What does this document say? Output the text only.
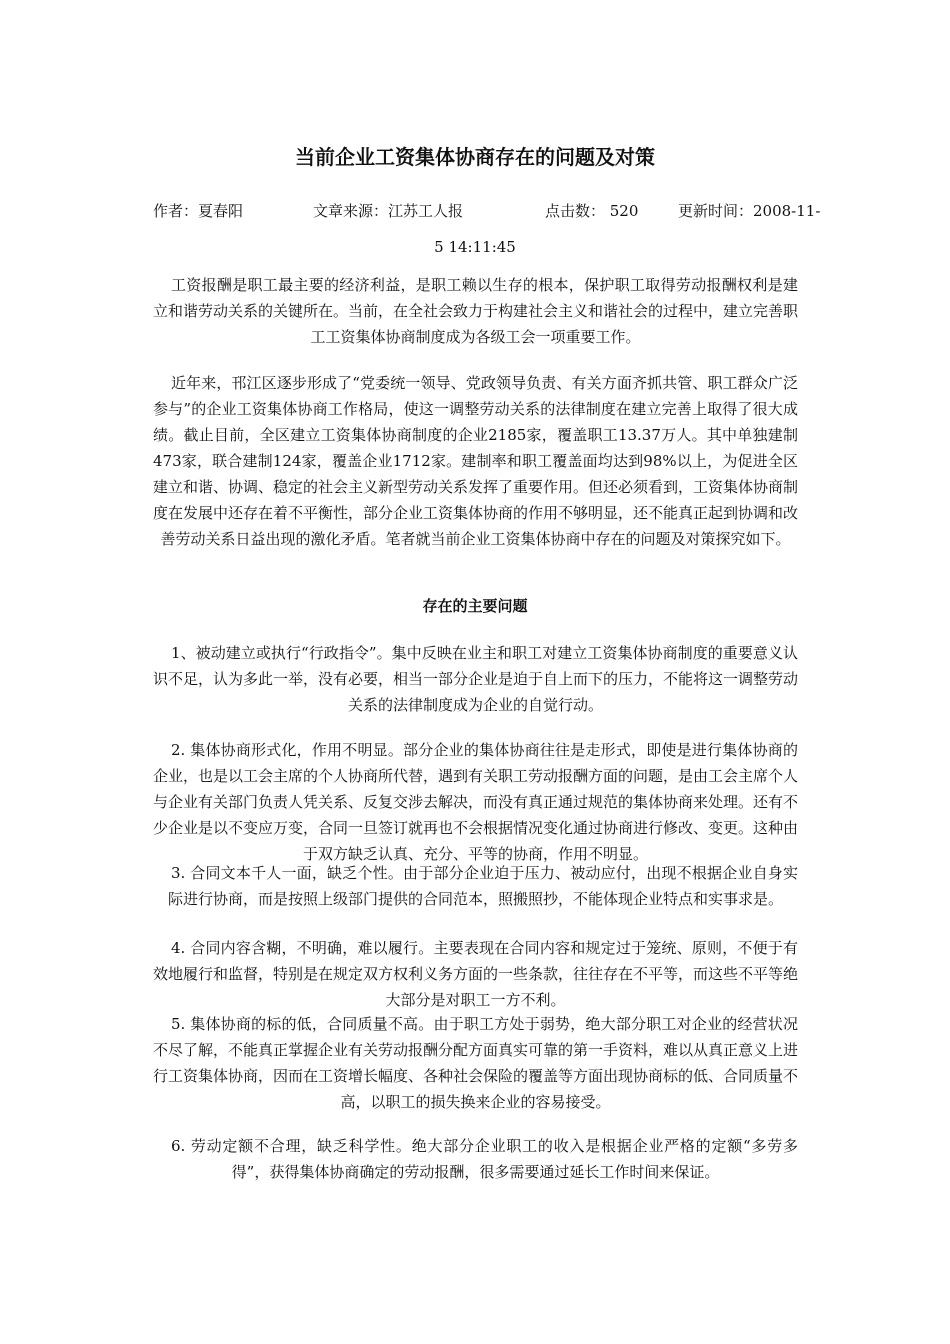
当前企业工资集体协商存在的问题及对策
作者：夏春阳	文章来源：江苏工人报	点击数： 520	更新时间：2008-11-
5 14:11:45

工资报酬是职工最主要的经济利益，是职工赖以生存的根本，保护职工取得劳动报酬权利是建立和谐劳动关系的关键所在。当前，在全社会致力于构建社会主义和谐社会的过程中，建立完善职工工资集体协商制度成为各级工会一项重要工作。

近年来，邗江区逐步形成了“党委统一领导、党政领导负责、有关方面齐抓共管、职工群众广泛参与”的企业工资集体协商工作格局，使这一调整劳动关系的法律制度在建立完善上取得了很大成绩。截止目前，全区建立工资集体协商制度的企业2185家，覆盖职工13.37万人。其中单独建制473家，联合建制124家，覆盖企业1712家。建制率和职工覆盖面均达到98%以上，为促进全区建立和谐、协调、稳定的社会主义新型劳动关系发挥了重要作用。但还必须看到，工资集体协商制度在发展中还存在着不平衡性，部分企业工资集体协商的作用不够明显，还不能真正起到协调和改善劳动关系日益出现的激化矛盾。笔者就当前企业工资集体协商中存在的问题及对策探究如下。

存在的主要问题

1、被动建立或执行“行政指令”。集中反映在业主和职工对建立工资集体协商制度的重要意义认识不足，认为多此一举，没有必要，相当一部分企业是迫于自上而下的压力，不能将这一调整劳动关系的法律制度成为企业的自觉行动。

2. 集体协商形式化，作用不明显。部分企业的集体协商往往是走形式，即使是进行集体协商的企业，也是以工会主席的个人协商所代替，遇到有关职工劳动报酬方面的问题，是由工会主席个人与企业有关部门负责人凭关系、反复交涉去解决，而没有真正通过规范的集体协商来处理。还有不少企业是以不变应万变，合同一旦签订就再也不会根据情况变化通过协商进行修改、变更。这种由于双方缺乏认真、充分、平等的协商，作用不明显。

3. 合同文本千人一面，缺乏个性。由于部分企业迫于压力、被动应付，出现不根据企业自身实际进行协商，而是按照上级部门提供的合同范本，照搬照抄，不能体现企业特点和实事求是。

4. 合同内容含糊，不明确，难以履行。主要表现在合同内容和规定过于笼统、原则，不便于有效地履行和监督，特别是在规定双方权利义务方面的一些条款，往往存在不平等，而这些不平等绝大部分是对职工一方不利。

5. 集体协商的标的低，合同质量不高。由于职工方处于弱势，绝大部分职工对企业的经营状况不尽了解，不能真正掌握企业有关劳动报酬分配方面真实可靠的第一手资料，难以从真正意义上进行工资集体协商，因而在工资增长幅度、各种社会保险的覆盖等方面出现协商标的低、合同质量不高，以职工的损失换来企业的容易接受。

6. 劳动定额不合理，缺乏科学性。绝大部分企业职工的收入是根据企业严格的定额“多劳多得”，获得集体协商确定的劳动报酬，很多需要通过延长工作时间来保证。
